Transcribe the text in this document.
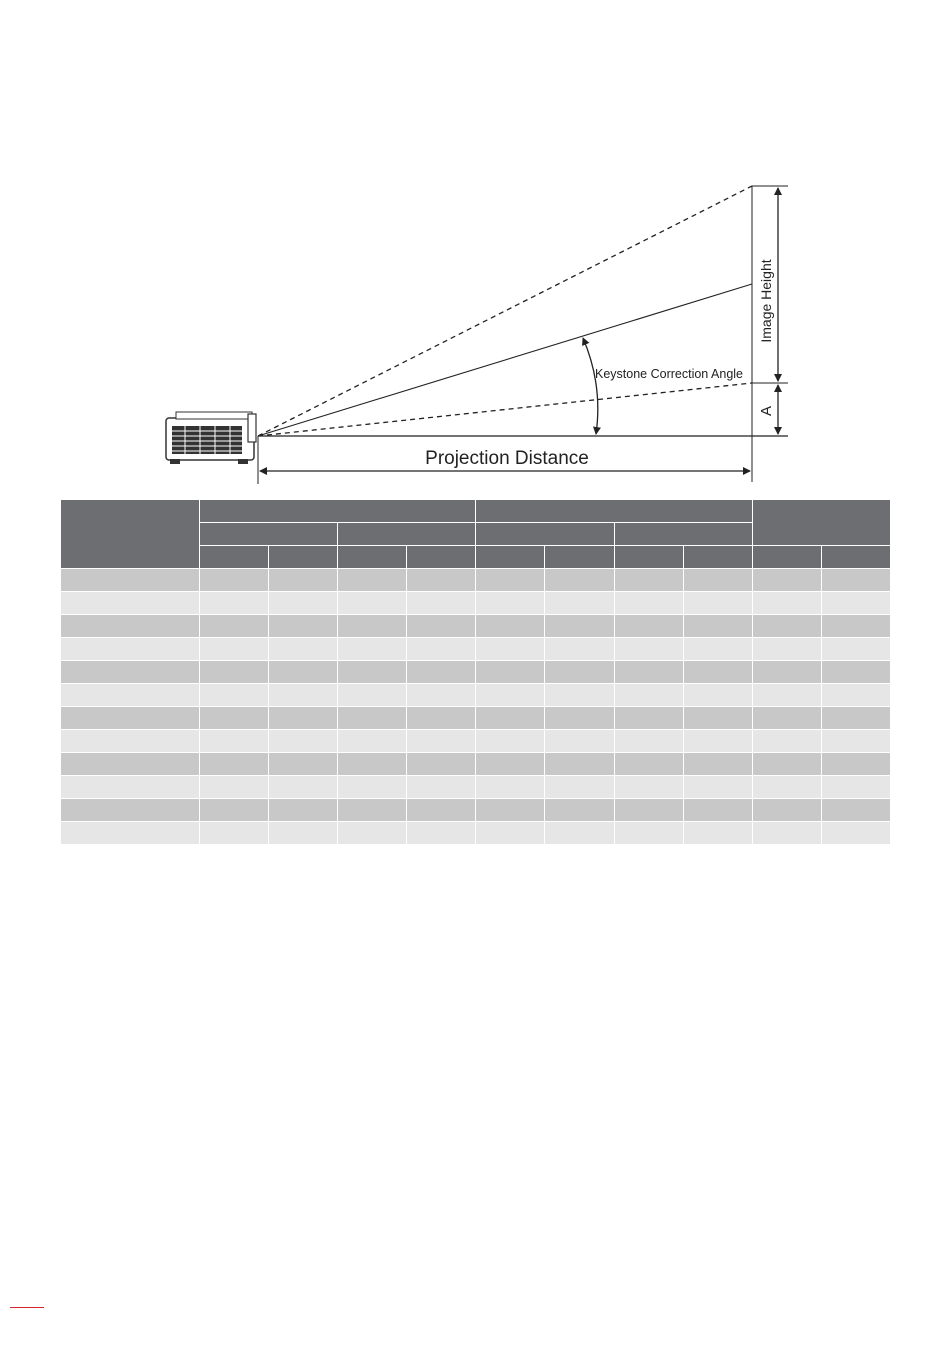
Image Height
A
Keystone Correction Angle
Projection Distance
